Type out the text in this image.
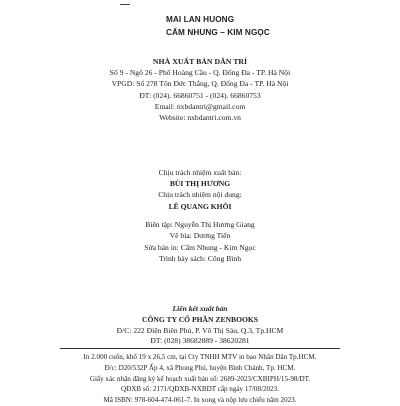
MAI LAN HUONG
CẨM NHUNG – KIM NGỌC
NHÀ XUẤT BẢN DÂN TRÍ
Số 9 - Ngõ 26 - Phố Hoàng Cầu - Q. Đống Đa - TP. Hà Nội
VPGD: Số 278 Tôn Đức Thắng, Q. Đống Đa - TP. Hà Nội
ĐT: (024). 66860751 - (024). 66860753
Email: nxbdantri@gmail.com
Website: nxbdantri.com.vn
Chịu trách nhiệm xuất bản:
BÙI THỊ HƯƠNG
Chịu trách nhiệm nội dung:
LÊ QUANG KHÔI
Biên tập: Nguyễn Thị Hương Giang
Vẽ bìa: Dương Tiến
Sửa bản in: Cẩm Nhung - Kim Ngọc
Trình bày sách: Công Bình
Liên kết xuất bản
CÔNG TY CỔ PHẦN ZENBOOKS
Đ/C: 222 Điện Biên Phủ, P. Võ Thị Sáu, Q.3, Tp.HCM
ĐT: (028) 38682889 - 38620281
In 2.000 cuốn, khổ 19 x 26,5 cm, tại Cty TNHH MTV in bao Nhân Dân Tp.HCM.
Đ/c: D20/532P Ấp 4, xã Phong Phú, huyện Bình Chánh, Tp. HCM.
Giấy xác nhận đăng ký kế hoạch xuất bản số: 2689-2023/CXBIPH/15-98/DT.
QĐXB số: 2171/QĐXB-NXBDT cấp ngày 17/08/2023.
Mã ISBN: 978-604-474-061-7. In xong và nộp lưu chiểu năm 2023.
